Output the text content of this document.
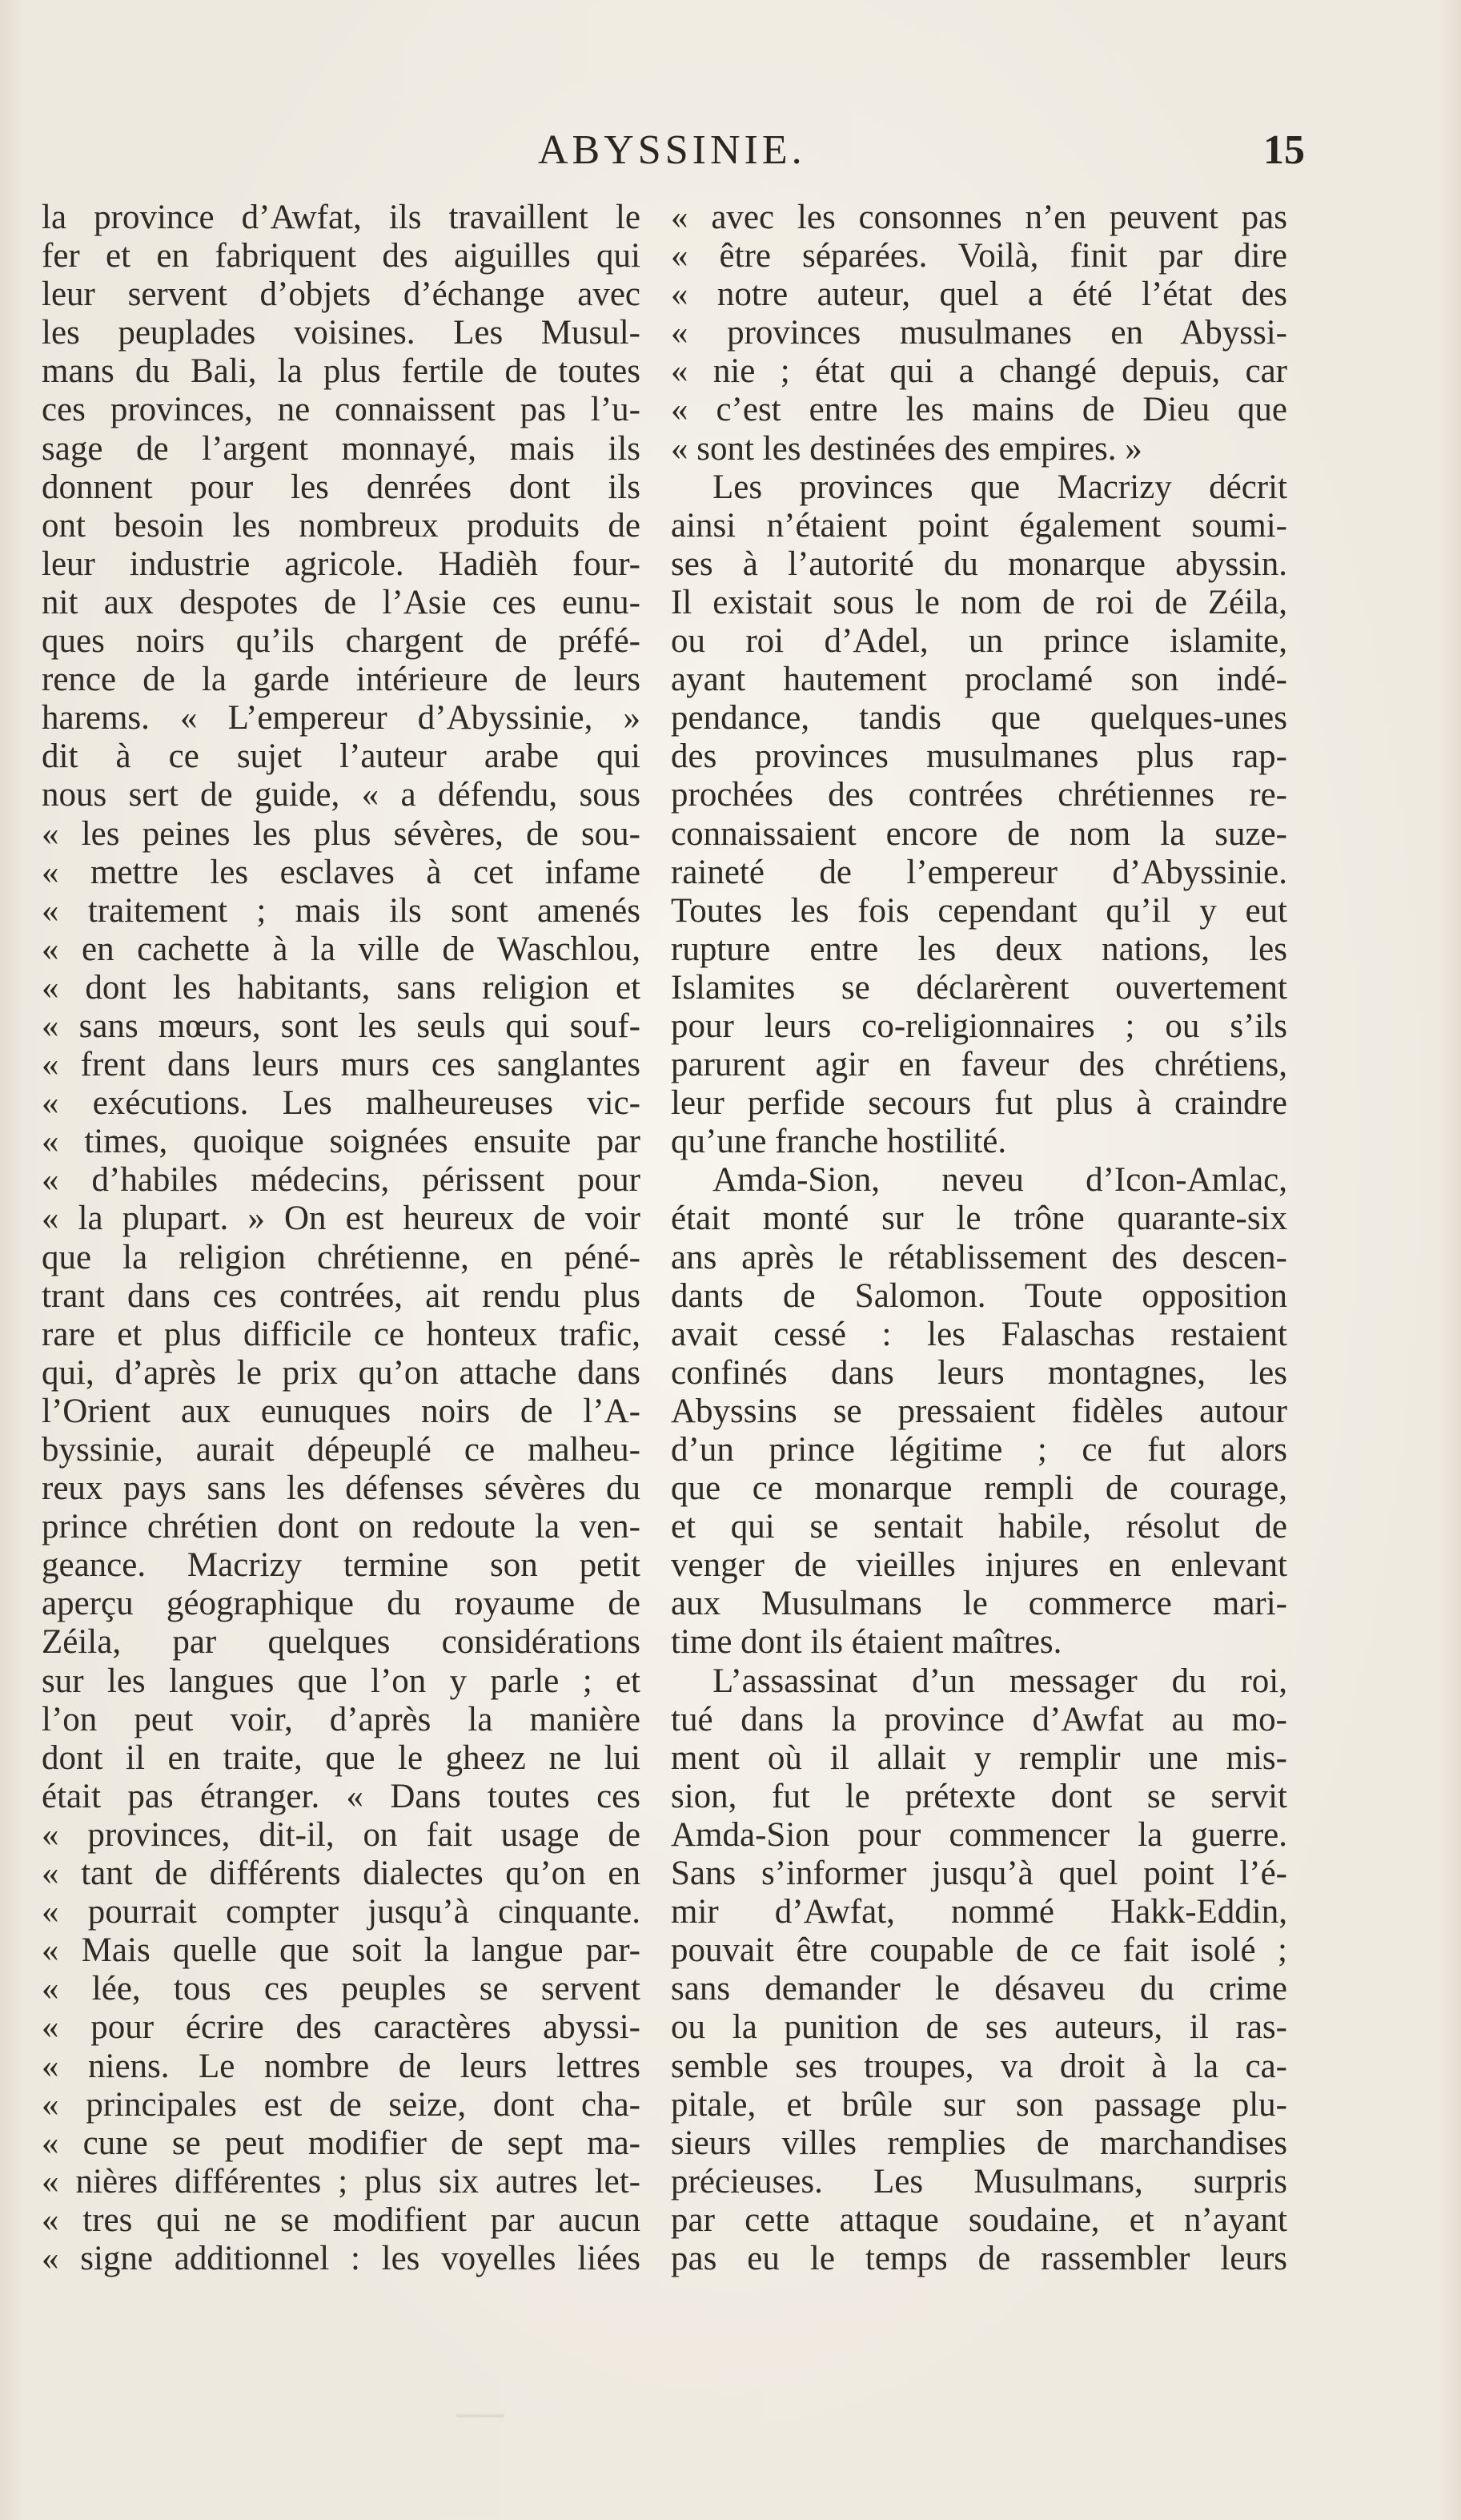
ABYSSINIE.	15
la province d’Awfat, ils travaillent le
fer et en fabriquent des aiguilles qui
leur servent d’objets d’échange avec
les peuplades voisines. Les Musul-
mans du Bali, la plus fertile de toutes
ces provinces, ne connaissent pas l’u-
sage de l’argent monnayé, mais ils
donnent pour les denrées dont ils
ont besoin les nombreux produits de
leur industrie agricole. Hadièh four-
nit aux despotes de l’Asie ces eunu-
ques noirs qu’ils chargent de préfé-
rence de la garde intérieure de leurs
harems. « L’empereur d’Abyssinie, »
dit à ce sujet l’auteur arabe qui
nous sert de guide, « a défendu, sous
« les peines les plus sévères, de sou-
« mettre les esclaves à cet infame
« traitement ; mais ils sont amenés
« en cachette à la ville de Waschlou,
« dont les habitants, sans religion et
« sans mœurs, sont les seuls qui souf-
« frent dans leurs murs ces sanglantes
« exécutions. Les malheureuses vic-
« times, quoique soignées ensuite par
« d’habiles médecins, périssent pour
« la plupart. » On est heureux de voir
que la religion chrétienne, en péné-
trant dans ces contrées, ait rendu plus
rare et plus difficile ce honteux trafic,
qui, d’après le prix qu’on attache dans
l’Orient aux eunuques noirs de l’A-
byssinie, aurait dépeuplé ce malheu-
reux pays sans les défenses sévères du
prince chrétien dont on redoute la ven-
geance. Macrizy termine son petit
aperçu géographique du royaume de
Zéila, par quelques considérations
sur les langues que l’on y parle ; et
l’on peut voir, d’après la manière
dont il en traite, que le gheez ne lui
était pas étranger. « Dans toutes ces
« provinces, dit-il, on fait usage de
« tant de différents dialectes qu’on en
« pourrait compter jusqu’à cinquante.
« Mais quelle que soit la langue par-
« lée, tous ces peuples se servent
« pour écrire des caractères abyssi-
« niens. Le nombre de leurs lettres
« principales est de seize, dont cha-
« cune se peut modifier de sept ma-
« nières différentes ; plus six autres let-
« tres qui ne se modifient par aucun
« signe additionnel : les voyelles liées
« avec les consonnes n’en peuvent pas
« être séparées. Voilà, finit par dire
« notre auteur, quel a été l’état des
« provinces musulmanes en Abyssi-
« nie ; état qui a changé depuis, car
« c’est entre les mains de Dieu que
« sont les destinées des empires. »
Les provinces que Macrizy décrit
ainsi n’étaient point également soumi-
ses à l’autorité du monarque abyssin.
Il existait sous le nom de roi de Zéila,
ou roi d’Adel, un prince islamite,
ayant hautement proclamé son indé-
pendance, tandis que quelques-unes
des provinces musulmanes plus rap-
prochées des contrées chrétiennes re-
connaissaient encore de nom la suze-
raineté de l’empereur d’Abyssinie.
Toutes les fois cependant qu’il y eut
rupture entre les deux nations, les
Islamites se déclarèrent ouvertement
pour leurs co-religionnaires ; ou s’ils
parurent agir en faveur des chrétiens,
leur perfide secours fut plus à craindre
qu’une franche hostilité.
Amda-Sion, neveu d’Icon-Amlac,
était monté sur le trône quarante-six
ans après le rétablissement des descen-
dants de Salomon. Toute opposition
avait cessé : les Falaschas restaient
confinés dans leurs montagnes, les
Abyssins se pressaient fidèles autour
d’un prince légitime ; ce fut alors
que ce monarque rempli de courage,
et qui se sentait habile, résolut de
venger de vieilles injures en enlevant
aux Musulmans le commerce mari-
time dont ils étaient maîtres.
L’assassinat d’un messager du roi,
tué dans la province d’Awfat au mo-
ment où il allait y remplir une mis-
sion, fut le prétexte dont se servit
Amda-Sion pour commencer la guerre.
Sans s’informer jusqu’à quel point l’é-
mir d’Awfat, nommé Hakk-Eddin,
pouvait être coupable de ce fait isolé ;
sans demander le désaveu du crime
ou la punition de ses auteurs, il ras-
semble ses troupes, va droit à la ca-
pitale, et brûle sur son passage plu-
sieurs villes remplies de marchandises
précieuses. Les Musulmans, surpris
par cette attaque soudaine, et n’ayant
pas eu le temps de rassembler leurs
